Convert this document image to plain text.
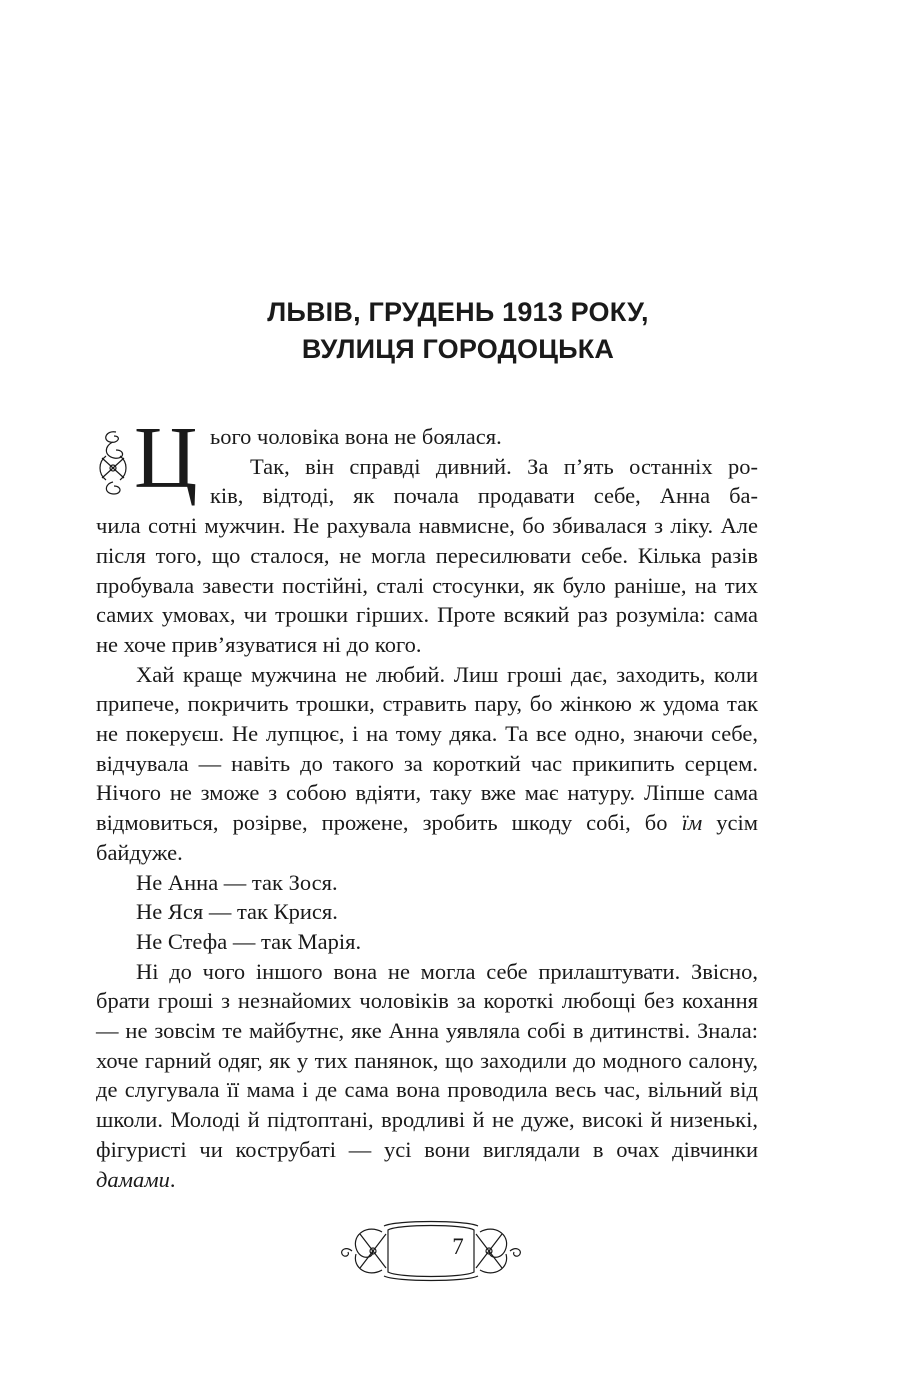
ЛЬВІВ, ГРУДЕНЬ 1913 РОКУ,
ВУЛИЦЯ ГОРОДОЦЬКА
Ц ього чоловіка вона не боялася.

Так, він справді дивний. За п’ять останніх ро-

ків, відтоді, як почала продавати себе, Анна ба-

чила сотні мужчин. Не рахувала навмисне, бо збивалася з ліку. Але після того, що сталося, не могла пересилювати себе. Кілька разів пробувала завести постійні, сталі стосунки, як було раніше, на тих самих умовах, чи трошки гірших. Проте всякий раз розуміла: сама не хоче прив’язуватися ні до кого.

Хай краще мужчина не любий. Лиш гроші дає, заходить, коли припече, покричить трошки, стравить пару, бо жінкою ж удома так не покеруєш. Не лупцює, і на тому дяка. Та все одно, знаючи себе, відчувала — навіть до такого за короткий час прикипить серцем. Нічого не зможе з собою вдіяти, таку вже має натуру. Ліпше сама відмовиться, розірве, прожене, зробить шкоду собі, бо їм усім байдуже.

Не Анна — так Зося.

Не Яся — так Крися.

Не Стефа — так Марія.

Ні до чого іншого вона не могла себе прилаштувати. Звісно, брати гроші з незнайомих чоловіків за короткі любощі без кохання — не зовсім те майбутнє, яке Анна уявляла собі в дитинстві. Знала: хоче гарний одяг, як у тих панянок, що заходили до модного салону, де слугувала її мама і де сама вона проводила весь час, вільний від школи. Молоді й підтоптані, вродливі й не дуже, високі й низенькі, фігуристі чи кострубаті — усі вони виглядали в очах дівчинки дамами.

7
